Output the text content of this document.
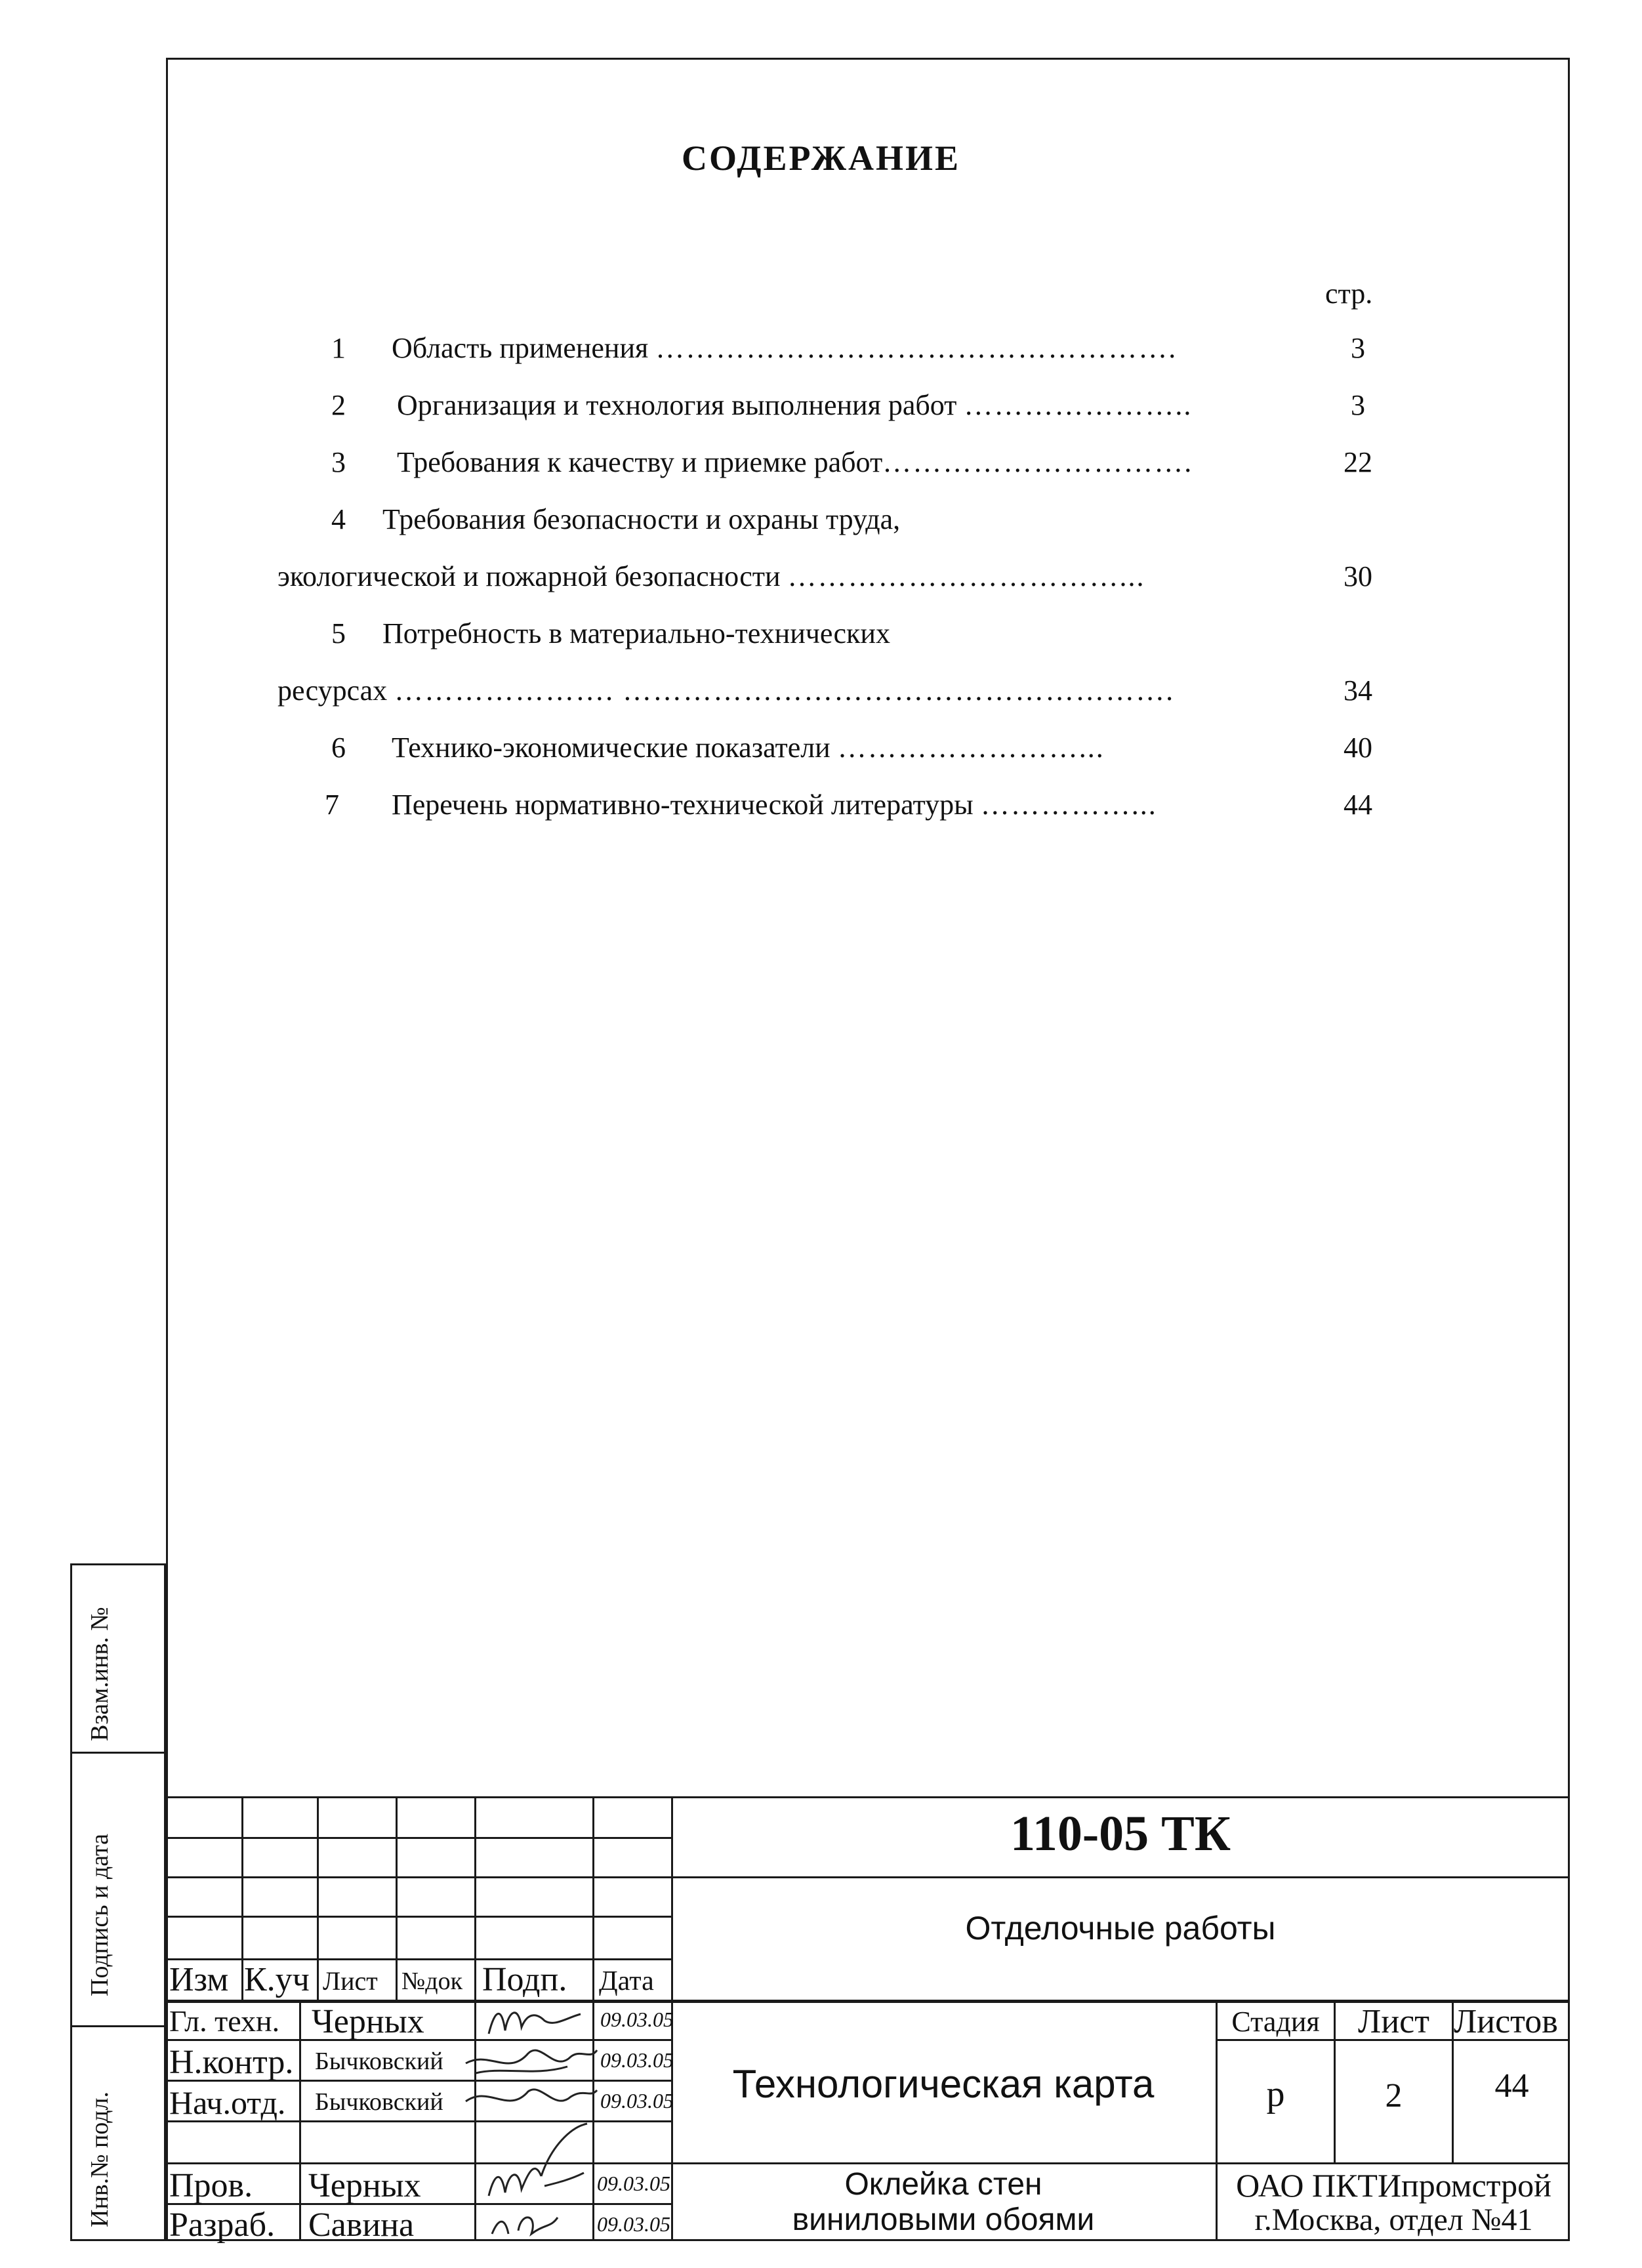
Взам.инв. №
Подпись и дата
Инв.№ подл.
СОДЕРЖАНИЕ
стр.
1 Область применения …………………………………………….	3
2 Организация и технология выполнения работ …………………..	3
3 Требования к качеству и приемке работ………………………….	22
4 Требования безопасности и охраны труда,
экологической и пожарной безопасности ……………………………...	30
5 Потребность в материально-технических
ресурсах …………………. ……………………………………………….	34
6 Технико-экономические показатели ……………………...	40
7 Перечень нормативно-технической литературы ……………...	44
110-05 ТК
Отделочные работы
Изм К.уч Лист №док Подп. Дата
Гл. техн. Черных	09.03.05
Н.контр. Бычковский	09.03.05
Нач.отд. Бычковский	09.03.05
Пров. Черных	09.03.05
Разраб. Савина	09.03.05
Технологическая карта
Оклейка стен
виниловыми обоями
Стадия	Лист Листов
р	2	44
ОАО ПКТИпромстрой
г.Москва, отдел №41
